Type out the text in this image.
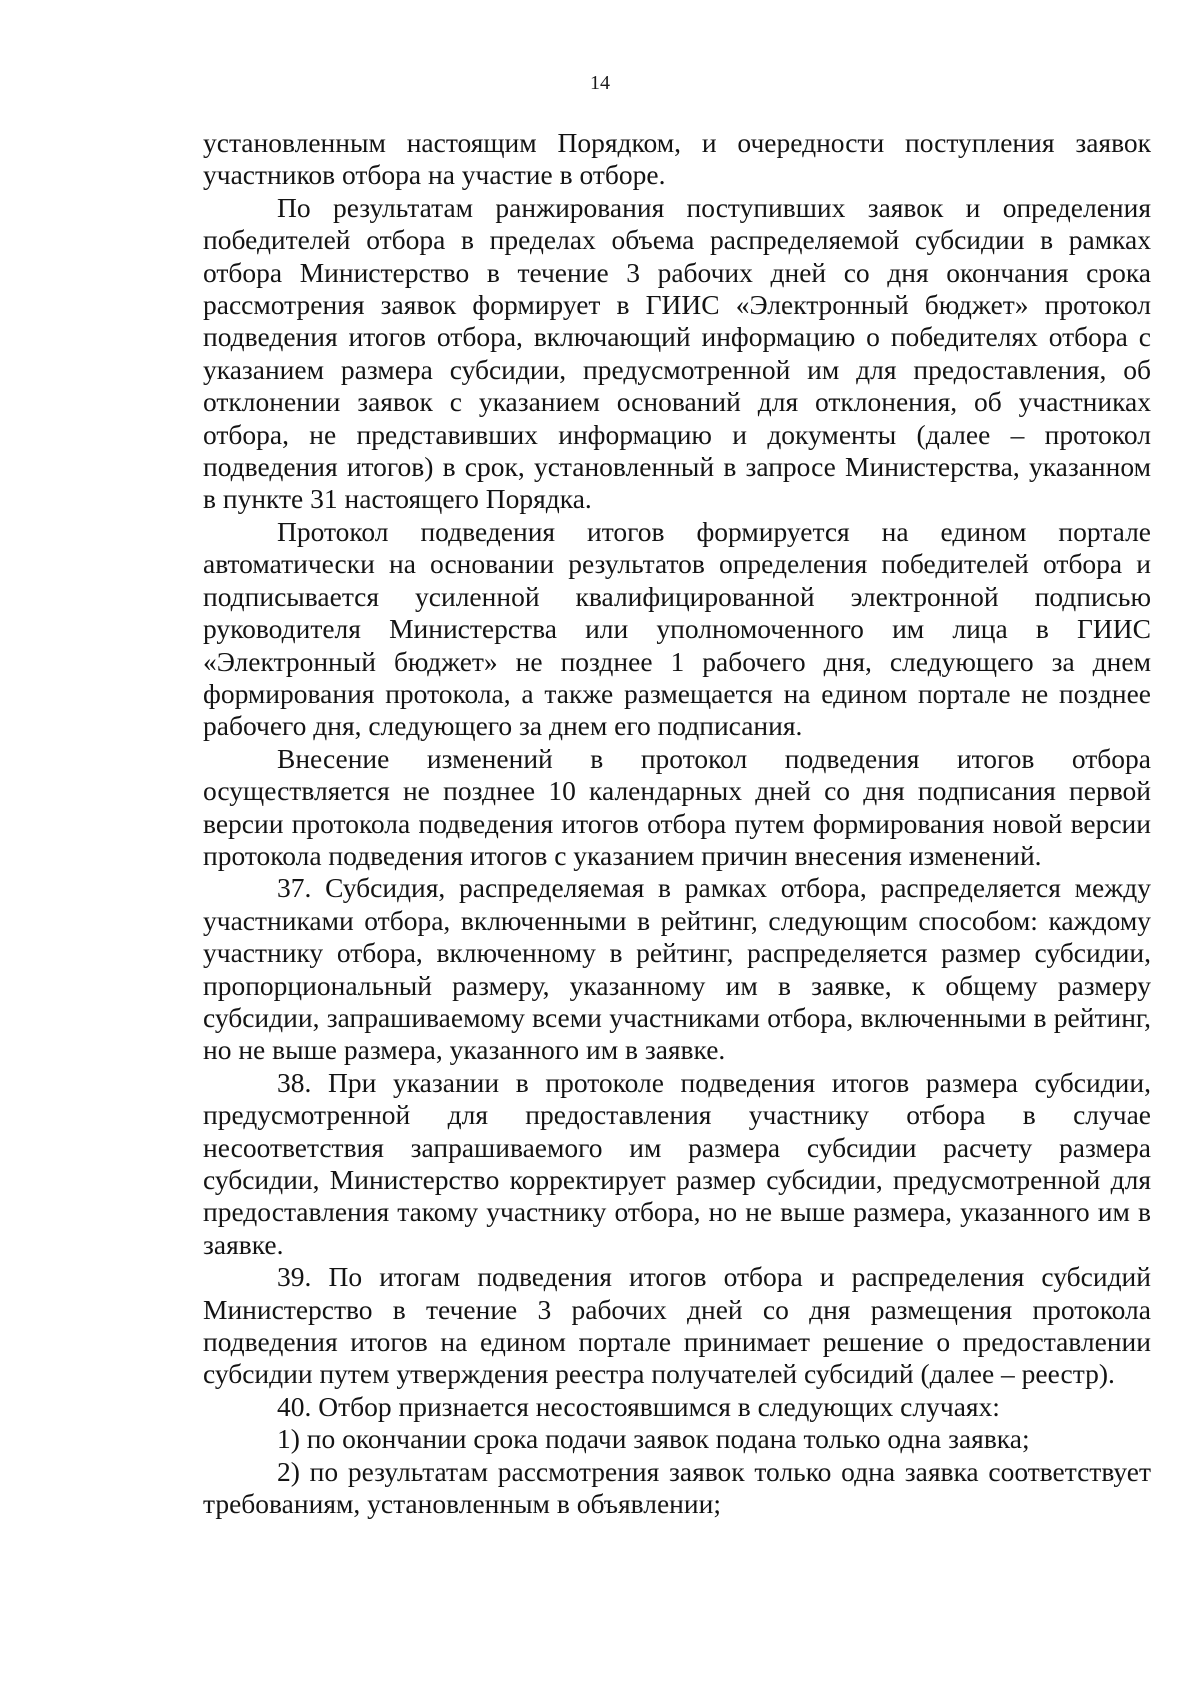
14

установленным настоящим Порядком, и очередности поступления заявок участников отбора на участие в отборе.

По результатам ранжирования поступивших заявок и определения победителей отбора в пределах объема распределяемой субсидии в рамках отбора Министерство в течение 3 рабочих дней со дня окончания срока рассмотрения заявок формирует в ГИИС «Электронный бюджет» протокол подведения итогов отбора, включающий информацию о победителях отбора с указанием размера субсидии, предусмотренной им для предоставления, об отклонении заявок с указанием оснований для отклонения, об участниках отбора, не представивших информацию и документы (далее – протокол подведения итогов) в срок, установленный в запросе Министерства, указанном в пункте 31 настоящего Порядка.

Протокол подведения итогов формируется на едином портале автоматически на основании результатов определения победителей отбора и подписывается усиленной квалифицированной электронной подписью руководителя Министерства или уполномоченного им лица в ГИИС «Электронный бюджет» не позднее 1 рабочего дня, следующего за днем формирования протокола, а также размещается на едином портале не позднее рабочего дня, следующего за днем его подписания.

Внесение изменений в протокол подведения итогов отбора осуществляется не позднее 10 календарных дней со дня подписания первой версии протокола подведения итогов отбора путем формирования новой версии протокола подведения итогов с указанием причин внесения изменений.

37. Субсидия, распределяемая в рамках отбора, распределяется между участниками отбора, включенными в рейтинг, следующим способом: каждому участнику отбора, включенному в рейтинг, распределяется размер субсидии, пропорциональный размеру, указанному им в заявке, к общему размеру субсидии, запрашиваемому всеми участниками отбора, включенными в рейтинг, но не выше размера, указанного им в заявке.

38. При указании в протоколе подведения итогов размера субсидии, предусмотренной для предоставления участнику отбора в случае несоответствия запрашиваемого им размера субсидии расчету размера субсидии, Министерство корректирует размер субсидии, предусмотренной для предоставления такому участнику отбора, но не выше размера, указанного им в заявке.

39. По итогам подведения итогов отбора и распределения субсидий Министерство в течение 3 рабочих дней со дня размещения протокола подведения итогов на едином портале принимает решение о предоставлении субсидии путем утверждения реестра получателей субсидий (далее – реестр).

40. Отбор признается несостоявшимся в следующих случаях:

1) по окончании срока подачи заявок подана только одна заявка;

2) по результатам рассмотрения заявок только одна заявка соответствует требованиям, установленным в объявлении;
